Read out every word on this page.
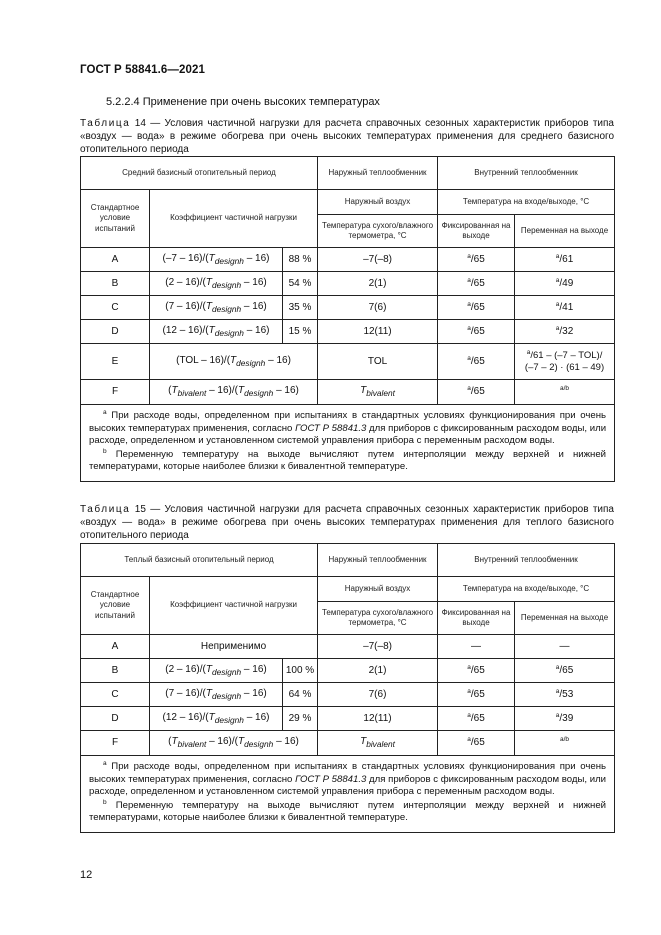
ГОСТ Р 58841.6—2021
5.2.2.4 Применение при очень высоких температурах
Таблица 14 — Условия частичной нагрузки для расчета справочных сезонных характеристик приборов типа «воздух — вода» в режиме обогрева при очень высоких температурах применения для среднего базисного отопительного периода
Средний базисный отопительный период			Наружный теплообменник	Внутренний теплообменник	
Стандартное условие испытаний	Коэффициент частичной нагрузки		Наружный воздух	Температура на входе/выходе, °С	
			Температура сухого/влажного термометра, °С	Фиксированная на выходе	Переменная на выходе
A	$(-7 - 16)/(T_{designh} - 16)$	88 %	–7(–8)	$^a$/65	$^a$/61
B	$(2 - 16)/(T_{designh} - 16)$	54 %	2(1)	$^a$/65	$^a$/49
C	$(7 - 16)/(T_{designh} - 16)$	35 %	7(6)	$^a$/65	$^a$/41
D	$(12 - 16)/(T_{designh} - 16)$	15 %	12(11)	$^a$/65	$^a$/32
E	$(TOL - 16)/(T_{designh} - 16)$		TOL	$^a$/65	$^a$/61 – (–7 – TOL)/
(–7 – 2) · (61 – 49)

F	$(T_{bivalent} - 16)/(T_{designh} - 16)$		$T_{bivalent}$	$^a$/65	$^{a/b}$

$^a$ При расходе воды, определенном при испытаниях в стандартных условиях функционирования при очень высоких температурах применения, согласно ГОСТ Р 58841.3 для приборов с фиксированным расходом воды, или расходе, определенном и установленном системой управления прибора с переменным расходом воды.
$^b$ Переменную температуру на выходе вычисляют путем интерполяции между верхней и нижней температурами, которые наиболее близки к бивалентной температуре.					
Таблица 15 — Условия частичной нагрузки для расчета справочных сезонных характеристик приборов типа «воздух — вода» в режиме обогрева при очень высоких температурах применения для теплого базисного отопительного периода
Теплый базисный отопительный период			Наружный теплообменник	Внутренний теплообменник	
Стандартное условие испытаний	Коэффициент частичной нагрузки		Наружный воздух	Температура на входе/выходе, °С	
			Температура сухого/влажного термометра, °С	Фиксированная на выходе	Переменная на выходе
A	Неприменимо		–7(–8)	—	—
B	$(2 - 16)/(T_{designh} - 16)$	100 %	2(1)	$^a$/65	$^a$/65
C	$(7 - 16)/(T_{designh} - 16)$	64 %	7(6)	$^a$/65	$^a$/53
D	$(12 - 16)/(T_{designh} - 16)$	29 %	12(11)	$^a$/65	$^a$/39
F	$(T_{bivalent} - 16)/(T_{designh} - 16)$		$T_{bivalent}$	$^a$/65	$^{a/b}$

$^a$ При расходе воды, определенном при испытаниях в стандартных условиях функционирования при очень высоких температурах применения, согласно ГОСТ Р 58841.3 для приборов с фиксированным расходом воды, или расходе, определенном и установленном системой управления прибора с переменным расходом воды.
$^b$ Переменную температуру на выходе вычисляют путем интерполяции между верхней и нижней температурами, которые наиболее близки к бивалентной температуре.					
12
